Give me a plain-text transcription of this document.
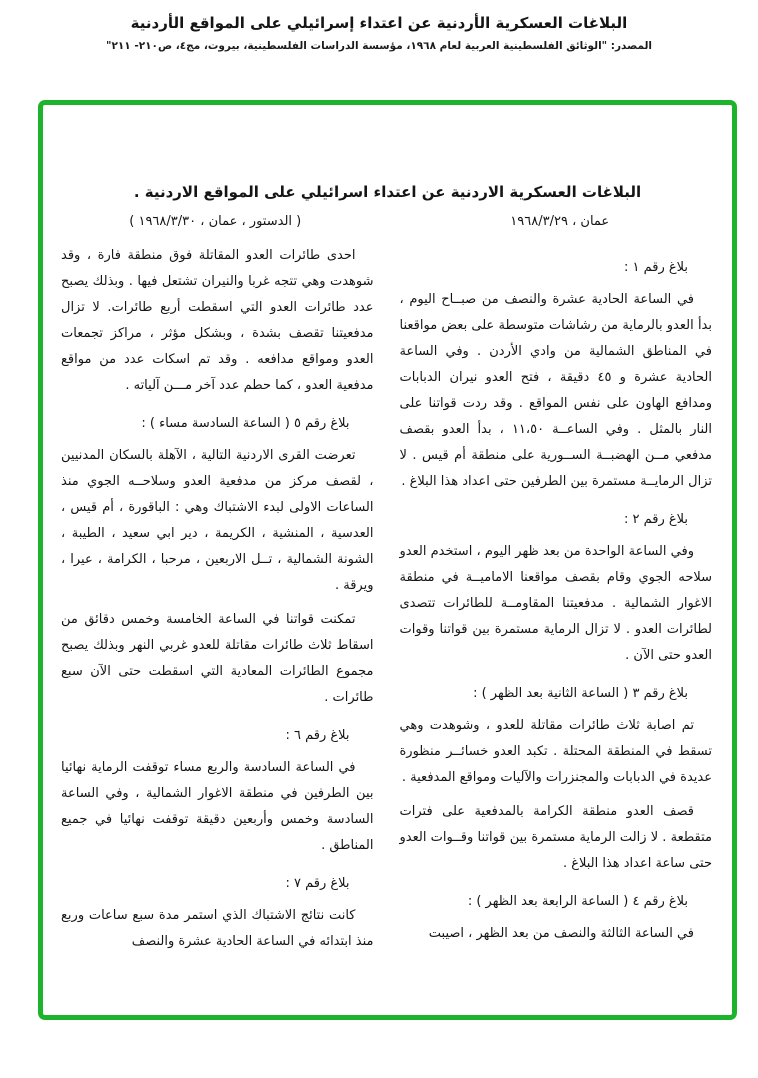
البلاغات العسكرية الأردنية عن اعتداء إسرائيلي على المواقع الأردنية
المصدر: "الوثائق الفلسطينية العربية لعام ١٩٦٨، مؤسسة الدراسات الفلسطينية، بيروت، مج٤، ص٢١٠- ٢١١"
البلاغات العسكرية الاردنية عن اعتداء اسرائيلي على المواقع الاردنية .
عمان ، ١٩٦٨/٣/٢٩
( الدستور ، عمان ، ١٩٦٨/٣/٣٠ )
بلاغ رقم ١ :
في الساعة الحادية عشرة والنصف من صبــاح اليوم ، بدأ العدو بالرماية من رشاشات متوسطة على بعض مواقعنا في المناطق الشمالية من وادي الأردن . وفي الساعة الحادية عشرة و ٤٥ دقيقة ، فتح العدو نيران الدبابات ومدافع الهاون على نفس المواقع . وقد ردت قواتنا على النار بالمثل . وفي الساعــة ١١،٥٠ ، بدأ العدو بقصف مدفعي مــن الهضبــة الســورية على منطقة أم قيس . لا تزال الرمايــة مستمرة بين الطرفين حتى اعداد هذا البلاغ .
بلاغ رقم ٢ :
وفي الساعة الواحدة من بعد ظهر اليوم ، استخدم العدو سلاحه الجوي وقام بقصف مواقعنا الاماميــة في منطقة الاغوار الشمالية . مدفعيتنا المقاومــة للطائرات تتصدى لطائرات العدو . لا تزال الرماية مستمرة بين قواتنا وقوات العدو حتى الآن .
بلاغ رقم ٣ ( الساعة الثانية بعد الظهر ) :
تم اصابة ثلاث طائرات مقاتلة للعدو ، وشوهدت وهي تسقط في المنطقة المحتلة . تكبد العدو خسائــر منظورة عديدة في الدبابات والمجنزرات والآليات ومواقع المدفعية .
قصف العدو منطقة الكرامة بالمدفعية على فترات متقطعة . لا زالت الرماية مستمرة بين قواتنا وقــوات العدو حتى ساعة اعداد هذا البلاغ .
بلاغ رقم ٤ ( الساعة الرابعة بعد الظهر ) :
في الساعة الثالثة والنصف من بعد الظهر ، اصيبت
احدى طائرات العدو المقاتلة فوق منطقة فارة ، وقد شوهدت وهي تتجه غربا والنيران تشتعل فيها . وبذلك يصبح عدد طائرات العدو التي اسقطت أربع طائرات. لا تزال مدفعيتنا تقصف بشدة ، وبشكل مؤثر ، مراكز تجمعات العدو ومواقع مدافعه . وقد تم اسكات عدد من مواقع مدفعية العدو ، كما حطم عدد آخر مـــن آلياته .
بلاغ رقم ٥ ( الساعة السادسة مساء ) :
تعرضت القرى الاردنية التالية ، الآهلة بالسكان المدنيين ، لقصف مركز من مدفعية العدو وسلاحــه الجوي منذ الساعات الاولى لبدء الاشتباك وهي : الباقورة ، أم قيس ، العدسية ، المنشية ، الكريمة ، دير ابي سعيد ، الطيبة ، الشونة الشمالية ، تــل الاربعين ، مرحبا ، الكرامة ، عيرا ، ويرقة .
تمكنت قواتنا في الساعة الخامسة وخمس دقائق من اسقاط ثلاث طائرات مقاتلة للعدو غربي النهر وبذلك يصبح مجموع الطائرات المعادية التي اسقطت حتى الآن سبع طائرات .
بلاغ رقم ٦ :
في الساعة السادسة والربع مساء توقفت الرماية نهائيا بين الطرفين في منطقة الاغوار الشمالية ، وفي الساعة السادسة وخمس وأربعين دقيقة توقفت نهائيا في جميع المناطق .
بلاغ رقم ٧ :
كانت نتائج الاشتباك الذي استمر مدة سبع ساعات وربع منذ ابتدائه في الساعة الحادية عشرة والنصف
